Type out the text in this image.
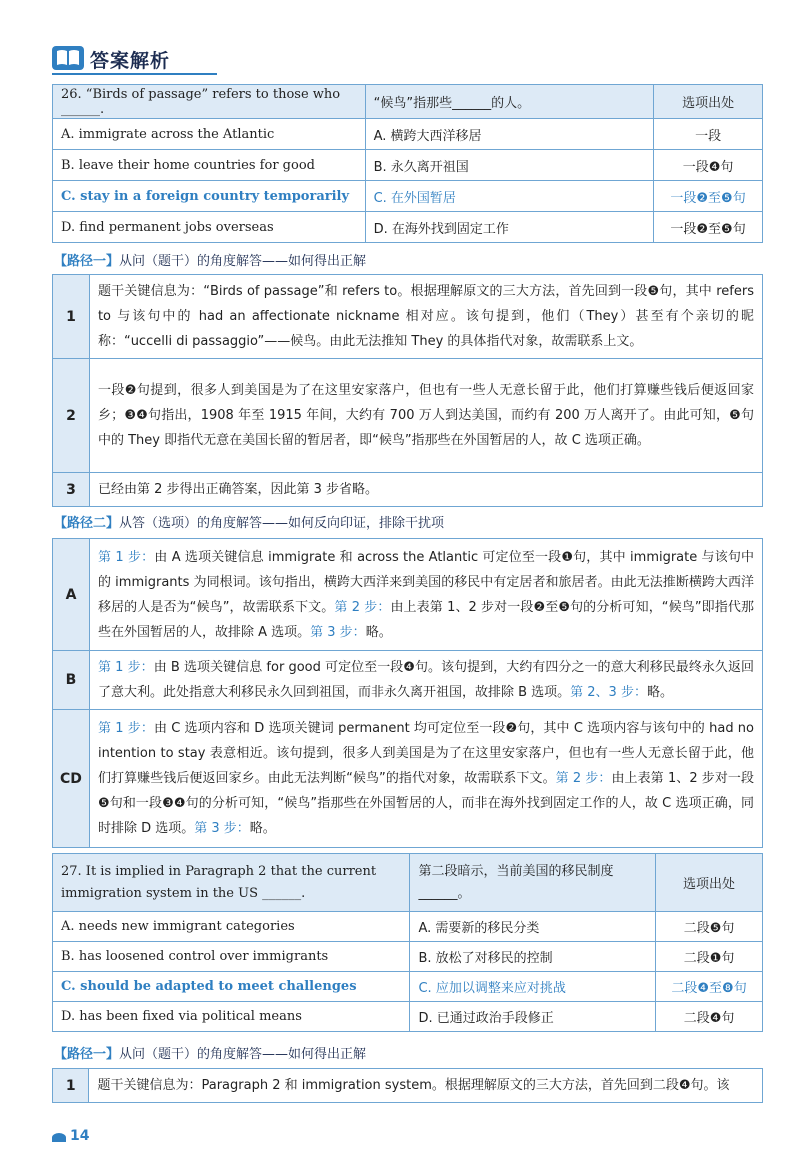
答案解析
26. “Birds of passage” refers to those who ______.	“候鸟”指那些______的人。	选项出处
A. immigrate across the Atlantic	A. 横跨大西洋移居	一段
B. leave their home countries for good	B. 永久离开祖国	一段❹句
C. stay in a foreign country temporarily	C. 在外国暂居	一段❷至❺句
D. find permanent jobs overseas	D. 在海外找到固定工作	一段❷至❺句
【路径一】从问（题干）的角度解答——如何得出正解
1	题干关键信息为：“Birds of passage”和 refers to。根据理解原文的三大方法，首先回到一段❺句，其中 refers to 与该句中的 had an affectionate nickname 相对应。该句提到，他们（They）甚至有个亲切的昵称：“uccelli di passaggio”——候鸟。由此无法推知 They 的具体指代对象，故需联系上文。
2	一段❷句提到，很多人到美国是为了在这里安家落户，但也有一些人无意长留于此，他们打算赚些钱后便返回家乡；❸❹句指出，1908 年至 1915 年间，大约有 700 万人到达美国，而约有 200 万人离开了。由此可知，❺句中的 They 即指代无意在美国长留的暂居者，即“候鸟”指那些在外国暂居的人，故 C 选项正确。
3	已经由第 2 步得出正确答案，因此第 3 步省略。
【路径二】从答（选项）的角度解答——如何反向印证，排除干扰项
A	第 1 步：由 A 选项关键信息 immigrate 和 across the Atlantic 可定位至一段❶句，其中 immigrate 与该句中的 immigrants 为同根词。该句指出，横跨大西洋来到美国的移民中有定居者和旅居者。由此无法推断横跨大西洋移居的人是否为“候鸟”，故需联系下文。第 2 步：由上表第 1、2 步对一段❷至❺句的分析可知，“候鸟”即指代那些在外国暂居的人，故排除 A 选项。第 3 步：略。
B	第 1 步：由 B 选项关键信息 for good 可定位至一段❹句。该句提到，大约有四分之一的意大利移民最终永久返回了意大利。此处指意大利移民永久回到祖国，而非永久离开祖国，故排除 B 选项。第 2、3 步：略。
CD	第 1 步：由 C 选项内容和 D 选项关键词 permanent 均可定位至一段❷句，其中 C 选项内容与该句中的 had no intention to stay 表意相近。该句提到，很多人到美国是为了在这里安家落户，但也有一些人无意长留于此，他们打算赚些钱后便返回家乡。由此无法判断“候鸟”的指代对象，故需联系下文。第 2 步：由上表第 1、2 步对一段❺句和一段❸❹句的分析可知，“候鸟”指那些在外国暂居的人，而非在海外找到固定工作的人，故 C 选项正确，同时排除 D 选项。第 3 步：略。
27. It is implied in Paragraph 2 that the current immigration system in the US ______.	第二段暗示，当前美国的移民制度______。	选项出处
A. needs new immigrant categories	A. 需要新的移民分类	二段❺句
B. has loosened control over immigrants	B. 放松了对移民的控制	二段❶句
C. should be adapted to meet challenges	C. 应加以调整来应对挑战	二段❹至❽句
D. has been fixed via political means	D. 已通过政治手段修正	二段❹句
【路径一】从问（题干）的角度解答——如何得出正解
1	题干关键信息为：Paragraph 2 和 immigration system。根据理解原文的三大方法，首先回到二段❹句。该
14
